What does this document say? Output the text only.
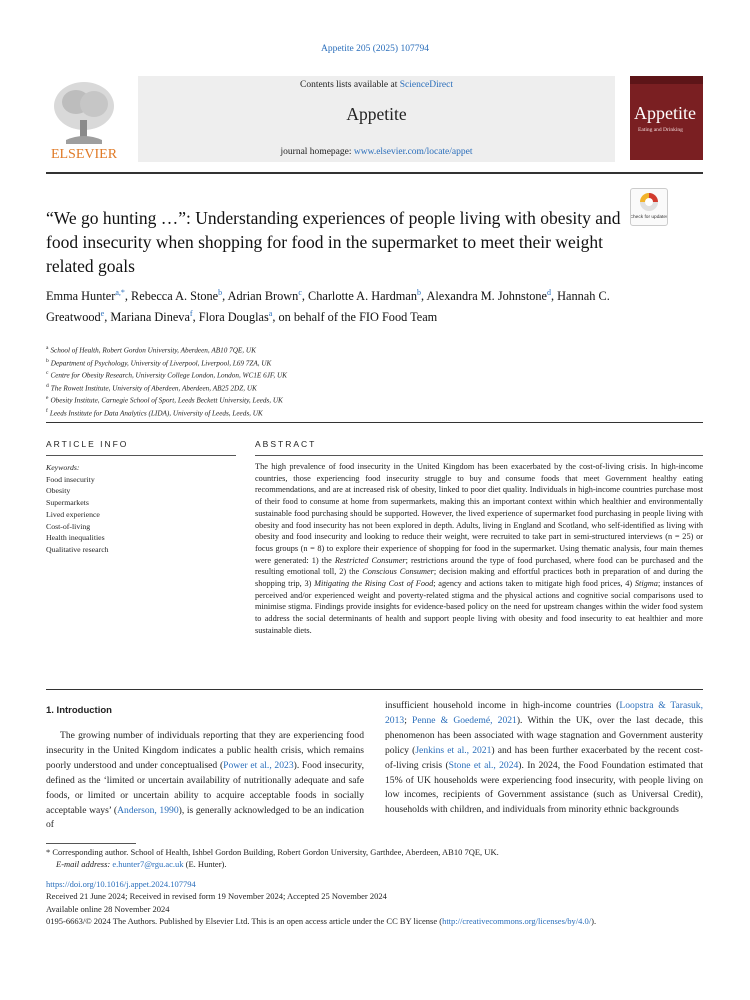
Appetite 205 (2025) 107794
ELSEVIER
Contents lists available at ScienceDirect
Appetite
journal homepage: www.elsevier.com/locate/appet
Appetite
Eating and Drinking
Check for updates
“We go hunting …”: Understanding experiences of people living with obesity and food insecurity when shopping for food in the supermarket to meet their weight related goals
Emma Hunter$^{a,*}$, Rebecca A. Stone$^b$, Adrian Brown$^c$, Charlotte A. Hardman$^b$, Alexandra M. Johnstone$^d$, Hannah C. Greatwood$^e$, Mariana Dineva$^f$, Flora Douglas$^a$, on behalf of the FIO Food Team
$^a$ School of Health, Robert Gordon University, Aberdeen, AB10 7QE, UK
$^b$ Department of Psychology, University of Liverpool, Liverpool, L69 7ZA, UK
$^c$ Centre for Obesity Research, University College London, London, WC1E 6JF, UK
$^d$ The Rowett Institute, University of Aberdeen, Aberdeen, AB25 2DZ, UK
$^e$ Obesity Institute, Carnegie School of Sport, Leeds Beckett University, Leeds, UK
$^f$ Leeds Institute for Data Analytics (LIDA), University of Leeds, Leeds, UK
ARTICLE INFO
Keywords:
Food insecurity
Obesity
Supermarkets
Lived experience
Cost-of-living
Health inequalities
Qualitative research
ABSTRACT
The high prevalence of food insecurity in the United Kingdom has been exacerbated by the cost-of-living crisis. In high-income countries, those experiencing food insecurity struggle to buy and consume foods that meet Government healthy eating recommendations, and are at increased risk of obesity, linked to poor diet quality. Individuals in high-income countries purchase most of their food to consume at home from supermarkets, making this an important context within which healthier and environmentally sustainable food purchasing should be supported. However, the lived experience of supermarket food purchasing in people living with obesity and food insecurity has not been explored in depth. Adults, living in England and Scotland, who self-identified as living with obesity and food insecurity and looking to reduce their weight, were recruited to take part in semi-structured interviews (n = 25) or focus groups (n = 8) to explore their experience of shopping for food in the supermarket. Using thematic analysis, four main themes were generated: 1) the Restricted Consumer; restrictions around the type of food purchased, where food can be purchased and the resulting emotional toll, 2) the Conscious Consumer; decision making and effortful practices both in preparation of and during the shopping trip, 3) Mitigating the Rising Cost of Food; agency and actions taken to mitigate high food prices, 4) Stigma; instances of perceived and/or experienced weight and poverty-related stigma and the physical actions and cognitive social comparisons used to minimise stigma. Findings provide insights for evidence-based policy on the need for upstream changes within the wider food system to address the social determinants of health and support people living with obesity and food insecurity to eat healthier and more sustainable diets.
1. Introduction

The growing number of individuals reporting that they are experiencing food insecurity in the United Kingdom indicates a public health crisis, which remains poorly understood and under conceptualised (Power et al., 2023). Food insecurity, defined as the ‘limited or uncertain availability of nutritionally adequate and safe foods, or limited or uncertain ability to acquire acceptable foods in socially acceptable ways’ (Anderson, 1990), is generally acknowledged to be an indication of

insufficient household income in high-income countries (Loopstra & Tarasuk, 2013; Penne & Goedemé, 2021). Within the UK, over the last decade, this phenomenon has been associated with wage stagnation and Government austerity policy (Jenkins et al., 2021) and has been further exacerbated by the recent cost-of-living crisis (Stone et al., 2024). In 2024, the Food Foundation estimated that 15% of UK households were experiencing food insecurity, with people living on low incomes, recipients of Government assistance (such as Universal Credit), households with children, and individuals from minority ethnic backgrounds

* Corresponding author. School of Health, Ishbel Gordon Building, Robert Gordon University, Garthdee, Aberdeen, AB10 7QE, UK.
E-mail address: e.hunter7@rgu.ac.uk (E. Hunter).
https://doi.org/10.1016/j.appet.2024.107794
Received 21 June 2024; Received in revised form 19 November 2024; Accepted 25 November 2024
Available online 28 November 2024
0195-6663/© 2024 The Authors. Published by Elsevier Ltd. This is an open access article under the CC BY license (http://creativecommons.org/licenses/by/4.0/).
